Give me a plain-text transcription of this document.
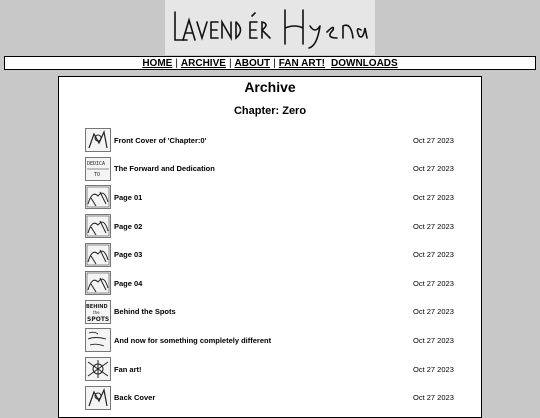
HOME | ARCHIVE | ABOUT | FAN ART! DOWNLOADS
Archive
Chapter: Zero
Front Cover of 'Chapter:0'	Oct 27 2023
DEDICA
TO
The Forward and Dedication	Oct 27 2023
Page 01	Oct 27 2023
Page 02	Oct 27 2023
Page 03	Oct 27 2023
Page 04	Oct 27 2023
BEHIND
the
SPOTS
Behind the Spots	Oct 27 2023
And now for something completely different	Oct 27 2023
Fan art!	Oct 27 2023
Back Cover	Oct 27 2023
